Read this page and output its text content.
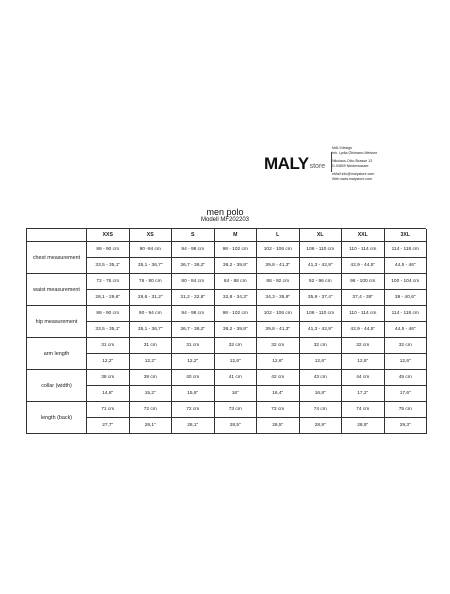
MALY store
MALYdesign
Inh. Lydia Öhlmann-Weisser
Nikolaus-Otto-Strasse 13
D-93809 Niederwasser
eMail info@malystore.com
Web www.malystore.com
men polo
Modell MF202203
XXS	XS	S	M	L	XL	XXL	3XL
chest measurement
86 - 90 cm	90 -94 cm	94 - 98 cm	98 - 102 cm	102 - 106 cm	106 - 110 cm	110 - 114 cm	114 - 118 cm
33,5 - 35,1"	35,1 - 36,7"	36,7 - 38,2"	38,2 - 39,8"	39,8 - 41,3"	41,3 - 42,9"	42,9 - 44,5"	44,5 - 46"
waist measurement
72 - 76 cm	76 - 80 cm	80 - 84 cm	84 - 88 cm	88 - 92 cm	92 - 96 cm	96 - 100 cm	100 - 104 cm
28,1 - 29,6"	29,6 - 31,2"	31,2 - 32,8"	32,8 - 34,3"	34,3 - 35,9"	35,9 - 37,4"	37,4 - 39"	39 - 40,6"
hip measurement
86 - 90 cm	90 - 94 cm	94 - 98 cm	98 - 102 cm	102 - 106 cm	106 - 110 cm	110 - 114 cm	114 - 118 cm
33,5 - 35,1"	35,1 - 36,7"	36,7 - 38,2"	38,2 - 39,8"	39,8 - 41,3"	41,3 - 42,9"	42,9 - 44,5"	44,5 - 46"
arm length
31 cm	31 cm	31 cm	32 cm	32 cm	32 cm	32 cm	32 cm
12,2"	12,2"	12,2"	12,6"	12,6"	12,6"	12,6"	12,6"
collar (width)
38 cm	39 cm	40 cm	41 cm	42 cm	43 cm	44 cm	45 cm
14,8"	15,2"	15,6"	16"	16,4"	16,8"	17,2"	17,6"
length (back)
71 cm	72 cm	72 cm	73 cm	73 cm	74 cm	74 cm	75 cm
27,7"	28,1"	28,1"	28,5"	28,5"	28,9"	28,9"	29,3"
